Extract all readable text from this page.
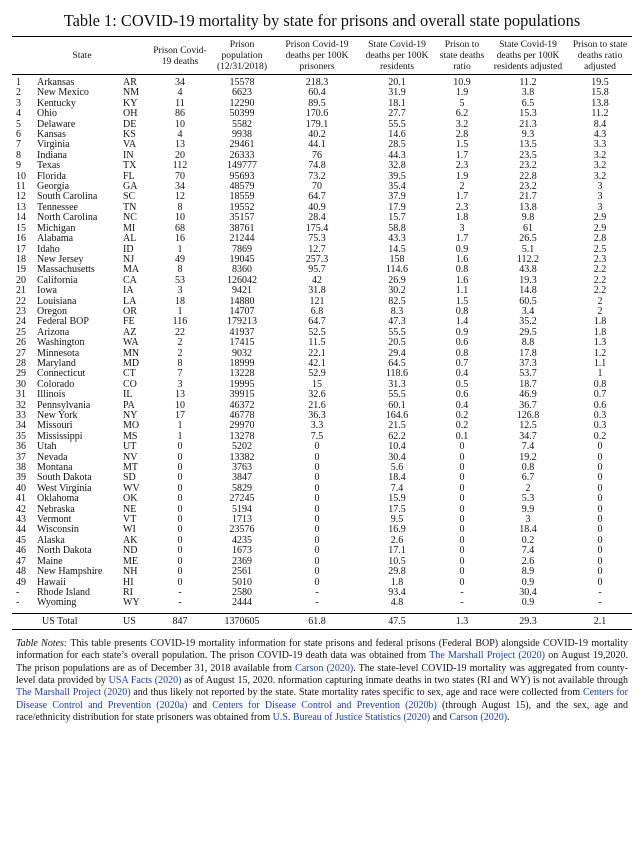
Table 1: COVID-19 mortality by state for prisons and overall state populations
State			Prison Covid-19 deaths	Prison population (12/31/2018)	Prison Covid-19 deaths per 100K prisoners	State Covid-19 deaths per 100K residents	Prison to state deaths ratio	State Covid-19 deaths per 100K residents adjusted	Prison to state deaths ratio adjusted
1	Arkansas	AR	34	15578	218.3	20.1	10.9	11.2	19.5
2	New Mexico	NM	4	6623	60.4	31.9	1.9	3.8	15.8
3	Kentucky	KY	11	12290	89.5	18.1	5	6.5	13.8
4	Ohio	OH	86	50399	170.6	27.7	6.2	15.3	11.2
5	Delaware	DE	10	5582	179.1	55.5	3.2	21.3	8.4
6	Kansas	KS	4	9938	40.2	14.6	2.8	9.3	4.3
7	Virginia	VA	13	29461	44.1	28.5	1.5	13.5	3.3
8	Indiana	IN	20	26333	76	44.3	1.7	23.5	3.2
9	Texas	TX	112	149777	74.8	32.8	2.3	23.2	3.2
10	Florida	FL	70	95693	73.2	39.5	1.9	22.8	3.2
11	Georgia	GA	34	48579	70	35.4	2	23.2	3
12	South Carolina	SC	12	18559	64.7	37.9	1.7	21.7	3
13	Tennessee	TN	8	19552	40.9	17.9	2.3	13.8	3
14	North Carolina	NC	10	35157	28.4	15.7	1.8	9.8	2.9
15	Michigan	MI	68	38761	175.4	58.8	3	61	2.9
16	Alabama	AL	16	21244	75.3	43.3	1.7	26.5	2.8
17	Idaho	ID	1	7869	12.7	14.5	0.9	5.1	2.5
18	New Jersey	NJ	49	19045	257.3	158	1.6	112.2	2.3
19	Massachusetts	MA	8	8360	95.7	114.6	0.8	43.8	2.2
20	California	CA	53	126042	42	26.9	1.6	19.3	2.2
21	Iowa	IA	3	9421	31.8	30.2	1.1	14.8	2.2
22	Louisiana	LA	18	14880	121	82.5	1.5	60.5	2
23	Oregon	OR	1	14707	6.8	8.3	0.8	3.4	2
24	Federal BOP	FE	116	179213	64.7	47.3	1.4	35.2	1.8
25	Arizona	AZ	22	41937	52.5	55.5	0.9	29.5	1.8
26	Washington	WA	2	17415	11.5	20.5	0.6	8.8	1.3
27	Minnesota	MN	2	9032	22.1	29.4	0.8	17.8	1.2
28	Maryland	MD	8	18999	42.1	64.5	0.7	37.3	1.1
29	Connecticut	CT	7	13228	52.9	118.6	0.4	53.7	1
30	Colorado	CO	3	19995	15	31.3	0.5	18.7	0.8
31	Illinois	IL	13	39915	32.6	55.5	0.6	46.9	0.7
32	Pennsylvania	PA	10	46372	21.6	60.1	0.4	36.7	0.6
33	New York	NY	17	46778	36.3	164.6	0.2	126.8	0.3
34	Missouri	MO	1	29970	3.3	21.5	0.2	12.5	0.3
35	Mississippi	MS	1	13278	7.5	62.2	0.1	34.7	0.2
36	Utah	UT	0	5202	0	10.4	0	7.4	0
37	Nevada	NV	0	13382	0	30.4	0	19.2	0
38	Montana	MT	0	3763	0	5.6	0	0.8	0
39	South Dakota	SD	0	3847	0	18.4	0	6.7	0
40	West Virginia	WV	0	5829	0	7.4	0	2	0
41	Oklahoma	OK	0	27245	0	15.9	0	5.3	0
42	Nebraska	NE	0	5194	0	17.5	0	9.9	0
43	Vermont	VT	0	1713	0	9.5	0	3	0
44	Wisconsin	WI	0	23576	0	16.9	0	18.4	0
45	Alaska	AK	0	4235	0	2.6	0	0.2	0
46	North Dakota	ND	0	1673	0	17.1	0	7.4	0
47	Maine	ME	0	2369	0	10.5	0	2.6	0
48	New Hampshire	NH	0	2561	0	29.8	0	8.9	0
49	Hawaii	HI	0	5010	0	1.8	0	0.9	0
-	Rhode Island	RI	-	2580	-	93.4	-	30.4	-
-	Wyoming	WY	-	2444	-	4.8	-	0.9	-
US Total		US	847	1370605	61.8	47.5	1.3	29.3	2.1
Table Notes: This table presents COVID-19 mortality information for state prisons and federal prisons (Federal BOP) alongside COVID-19 mortality information for each state’s overall population. The prison COVID-19 death data was obtained from The Marshall Project (2020) on August 19,2020. The prison populations are as of December 31, 2018 available from Carson (2020). The state-level COVID-19 mortality was aggregated from county-level data provided by USA Facts (2020) as of August 15, 2020. nformation capturing inmate deaths in two states (RI and WY) is not available through The Marshall Project (2020) and thus likely not reported by the state. State mortality rates specific to sex, age and race were collected from Centers for Disease Control and Prevention (2020a) and Centers for Disease Control and Prevention (2020b) (through August 15), and the sex, age and race/ethnicity distribution for state prisoners was obtained from U.S. Bureau of Justice Statistics (2020) and Carson (2020).
